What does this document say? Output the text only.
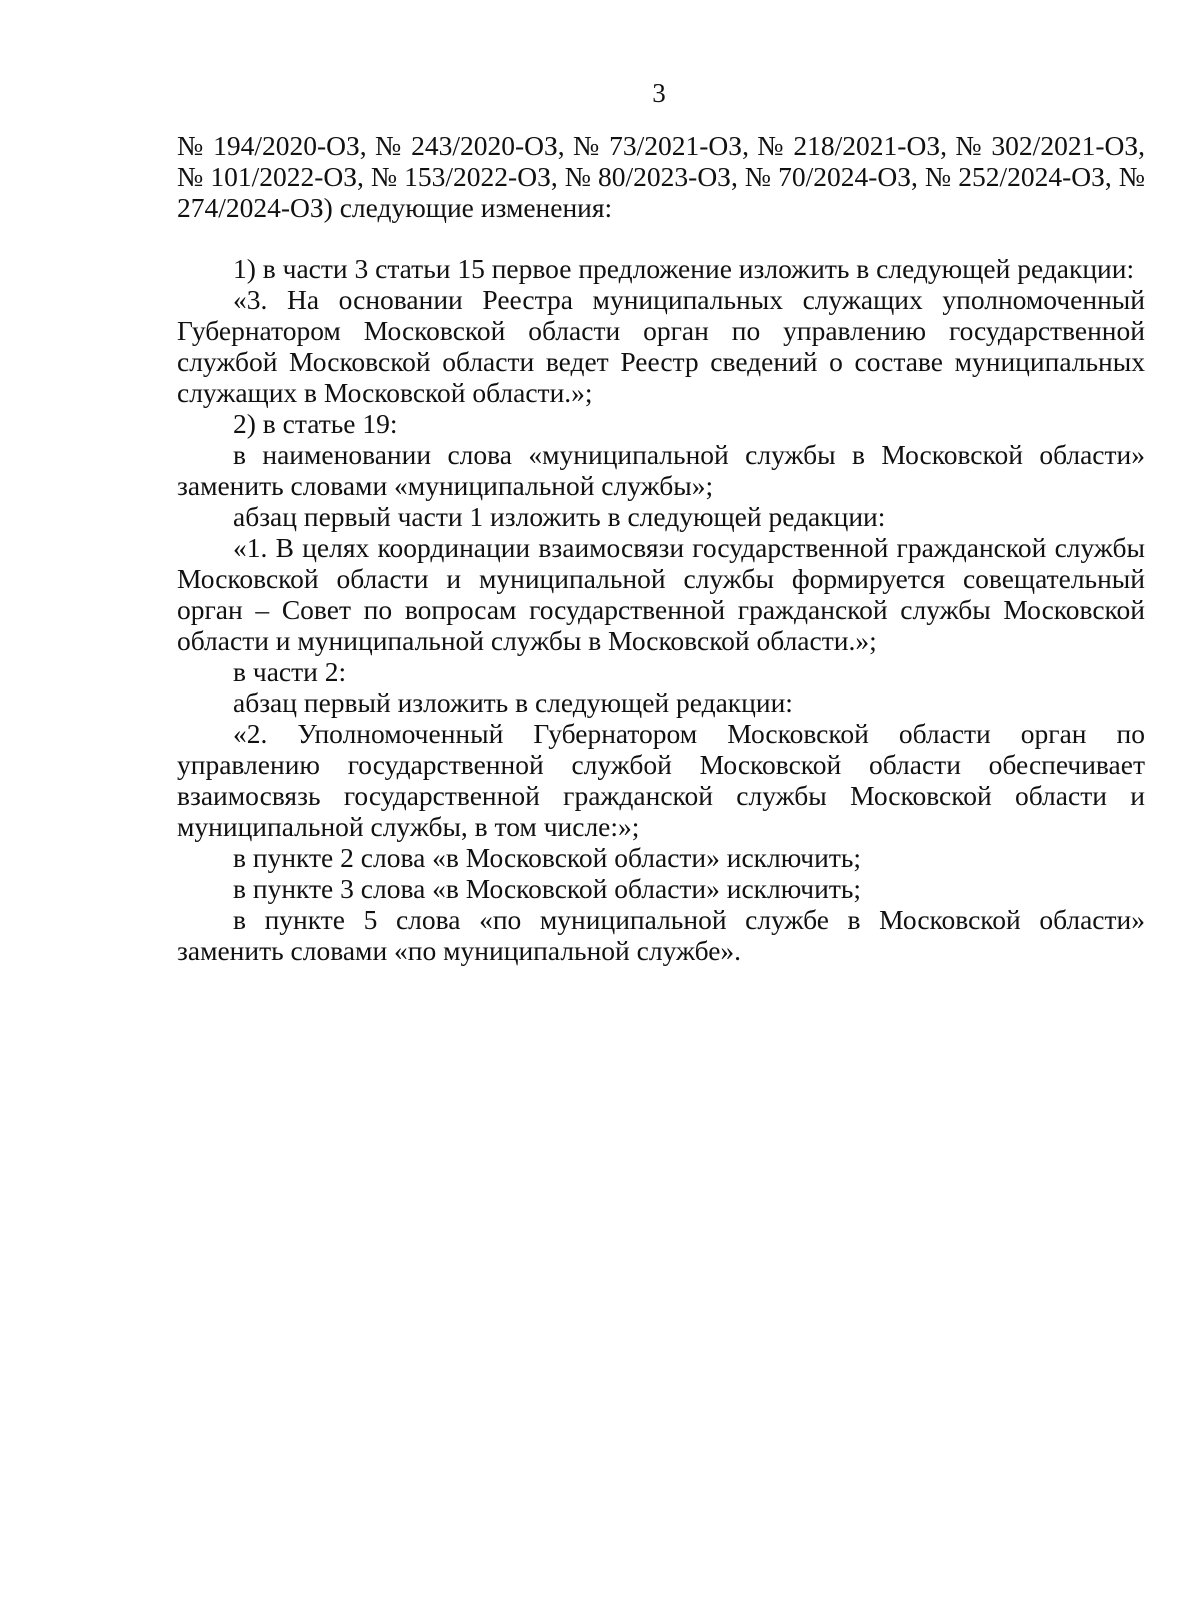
3

№ 194/2020-ОЗ, № 243/2020-ОЗ, № 73/2021-ОЗ, № 218/2021-ОЗ, № 302/2021-ОЗ, № 101/2022-ОЗ, № 153/2022-ОЗ, № 80/2023-ОЗ, № 70/2024-ОЗ, № 252/2024-ОЗ, № 274/2024-ОЗ) следующие изменения:

1) в части 3 статьи 15 первое предложение изложить в следующей редакции:

«3. На основании Реестра муниципальных служащих уполномоченный Губернатором Московской области орган по управлению государственной службой Московской области ведет Реестр сведений о составе муниципальных служащих в Московской области.»;

2) в статье 19:

в наименовании слова «муниципальной службы в Московской области» заменить словами «муниципальной службы»;

абзац первый части 1 изложить в следующей редакции:

«1. В целях координации взаимосвязи государственной гражданской службы Московской области и муниципальной службы формируется совещательный орган – Совет по вопросам государственной гражданской службы Московской области и муниципальной службы в Московской области.»;

в части 2:

абзац первый изложить в следующей редакции:

«2. Уполномоченный Губернатором Московской области орган по управлению государственной службой Московской области обеспечивает взаимосвязь государственной гражданской службы Московской области и муниципальной службы, в том числе:»;

в пункте 2 слова «в Московской области» исключить;

в пункте 3 слова «в Московской области» исключить;

в пункте 5 слова «по муниципальной службе в Московской области» заменить словами «по муниципальной службе».
